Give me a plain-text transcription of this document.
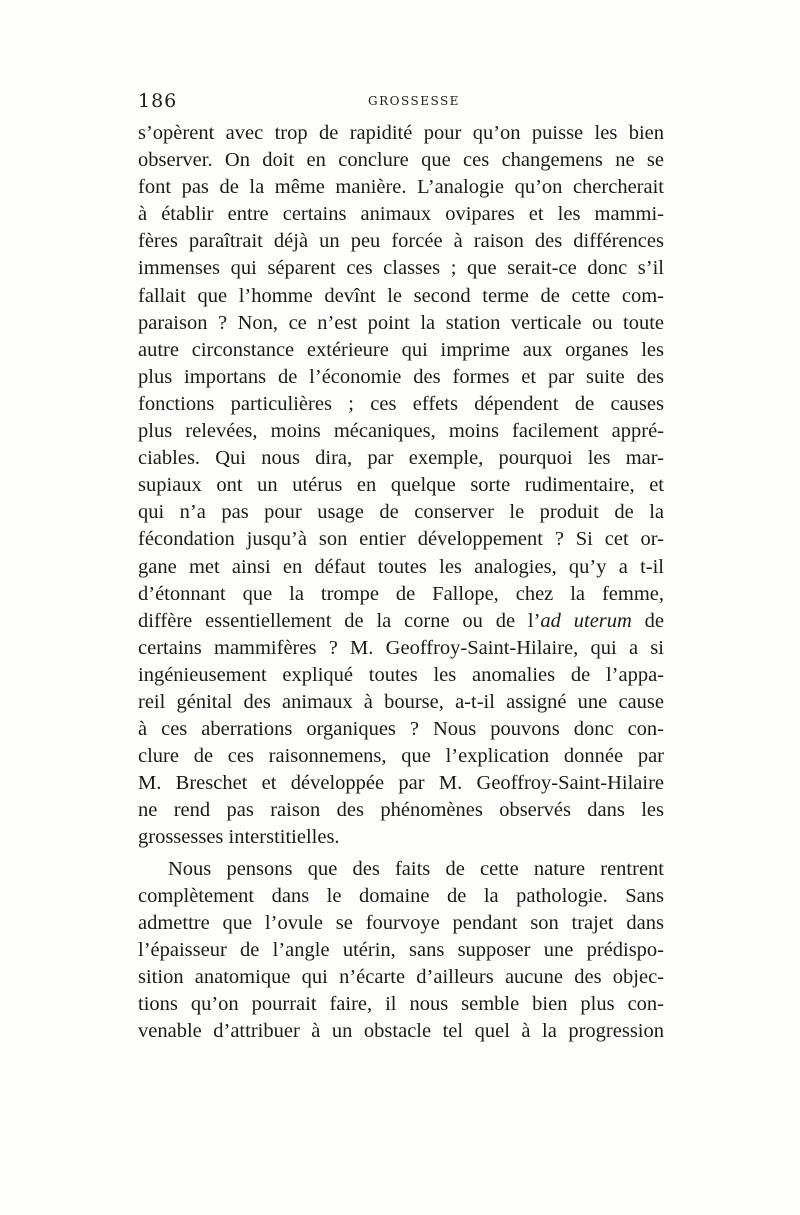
186	GROSSESSE
s’opèrent avec trop de rapidité pour qu’on puisse les bien
observer. On doit en conclure que ces changemens ne se
font pas de la même manière. L’analogie qu’on chercherait
à établir entre certains animaux ovipares et les mammi-
fères paraîtrait déjà un peu forcée à raison des différences
immenses qui séparent ces classes ; que serait-ce donc s’il
fallait que l’homme devînt le second terme de cette com-
paraison ? Non, ce n’est point la station verticale ou toute
autre circonstance extérieure qui imprime aux organes les
plus importans de l’économie des formes et par suite des
fonctions particulières ; ces effets dépendent de causes
plus relevées, moins mécaniques, moins facilement appré-
ciables. Qui nous dira, par exemple, pourquoi les mar-
supiaux ont un utérus en quelque sorte rudimentaire, et
qui n’a pas pour usage de conserver le produit de la
fécondation jusqu’à son entier développement ? Si cet or-
gane met ainsi en défaut toutes les analogies, qu’y a t-il
d’étonnant que la trompe de Fallope, chez la femme,
diffère essentiellement de la corne ou de l’ad uterum de
certains mammifères ? M. Geoffroy-Saint-Hilaire, qui a si
ingénieusement expliqué toutes les anomalies de l’appa-
reil génital des animaux à bourse, a-t-il assigné une cause
à ces aberrations organiques ? Nous pouvons donc con-
clure de ces raisonnemens, que l’explication donnée par
M. Breschet et développée par M. Geoffroy-Saint-Hilaire
ne rend pas raison des phénomènes observés dans les
grossesses interstitielles.
Nous pensons que des faits de cette nature rentrent
complètement dans le domaine de la pathologie. Sans
admettre que l’ovule se fourvoye pendant son trajet dans
l’épaisseur de l’angle utérin, sans supposer une prédispo-
sition anatomique qui n’écarte d’ailleurs aucune des objec-
tions qu’on pourrait faire, il nous semble bien plus con-
venable d’attribuer à un obstacle tel quel à la progression
